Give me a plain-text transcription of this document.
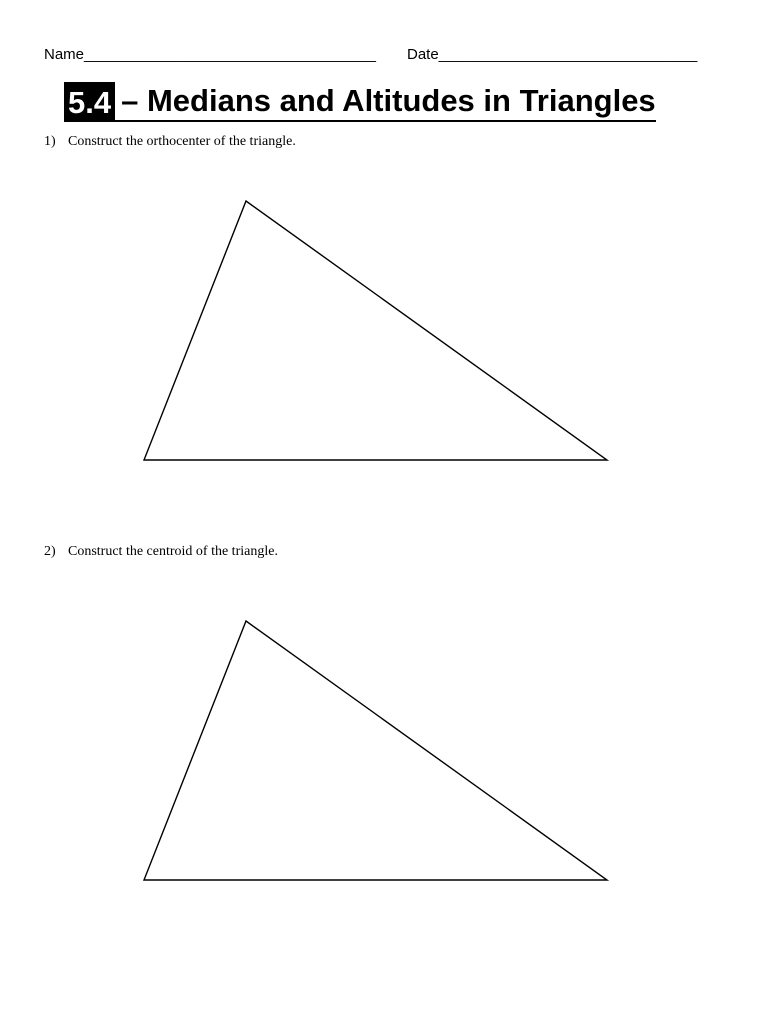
Name___________________________________ Date_______________________________
5.4 – Medians and Altitudes in Triangles
1) Construct the orthocenter of the triangle.
2) Construct the centroid of the triangle.
